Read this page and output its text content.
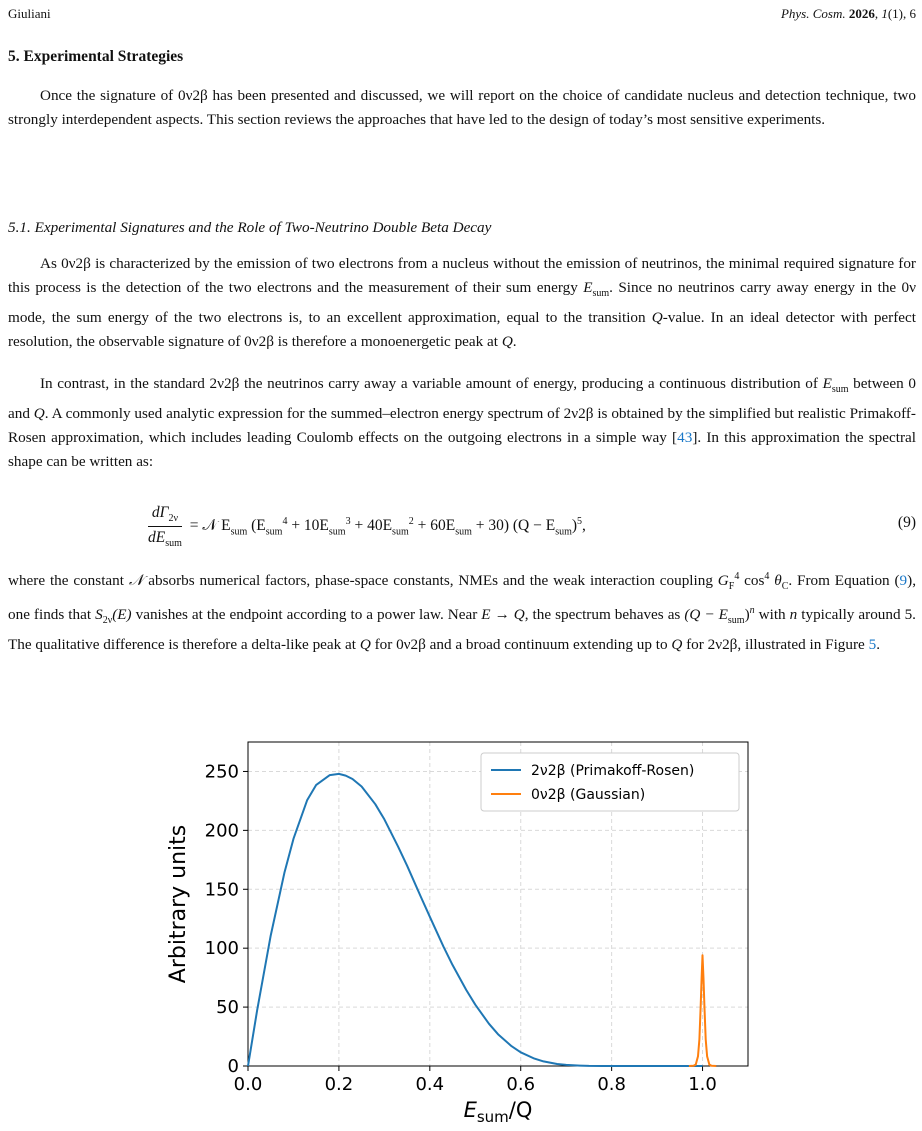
Giuliani	Phys. Cosm. 2026, 1(1), 6
5. Experimental Strategies

Once the signature of 0ν2β has been presented and discussed, we will report on the choice of candidate nucleus and detection technique, two strongly interdependent aspects. This section reviews the approaches that have led to the design of today’s most sensitive experiments.

5.1. Experimental Signatures and the Role of Two-Neutrino Double Beta Decay

As 0ν2β is characterized by the emission of two electrons from a nucleus without the emission of neutrinos, the minimal required signature for this process is the detection of the two electrons and the measurement of their sum energy $E_{sum}$. Since no neutrinos carry away energy in the 0ν mode, the sum energy of the two electrons is, to an excellent approximation, equal to the transition Q-value. In an ideal detector with perfect resolution, the observable signature of 0ν2β is therefore a monoenergetic peak at Q.

In contrast, in the standard 2ν2β the neutrinos carry away a variable amount of energy, producing a continuous distribution of $E_{sum}$ between 0 and Q. A commonly used analytic expression for the summed–electron energy spectrum of 2ν2β is obtained by the simplified but realistic Primakoff-Rosen approximation, which includes leading Coulomb effects on the outgoing electrons in a simple way [43]. In this approximation the spectral shape can be written as:

$\frac{d\Gamma_{2\nu}}{dE_{sum}}$ = 𝒩 $E_{sum}$ $(E_{sum}^4 + 10E_{sum}^3 + 40E_{sum}^2 + 60E_{sum} + 30) (Q - E_{sum})^5$,	(9)

where the constant 𝒩 absorbs numerical factors, phase-space constants, NMEs and the weak interaction coupling $G_F^4$ $\cos^4 \theta_C$. From Equation (9), one finds that $S_{2\nu}(E)$ vanishes at the endpoint according to a power law. Near E → Q, the spectrum behaves as $(Q - E_{sum})^n$ with n typically around 5. The qualitative difference is therefore a delta-like peak at Q for 0ν2β and a broad continuum extending up to Q for 2ν2β, illustrated in Figure 5.

0.0	0.2	0.4	0.6	0.8	1.0
0
50
100
150
200
250
Arbitrary units
$E_{sum}/Q$
2ν2β (Primakoff-Rosen)
0ν2β (Gaussian)
